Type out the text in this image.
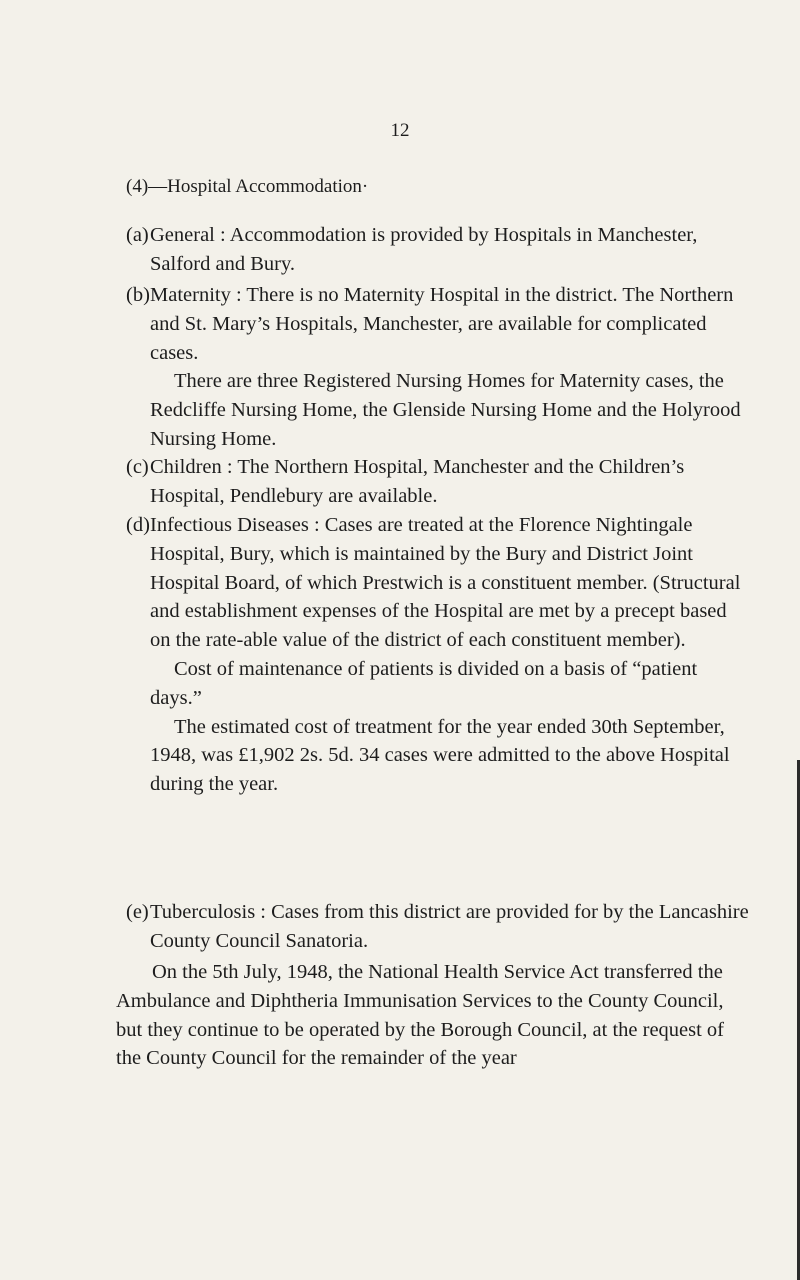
12
(4)—Hospital Accommodation·
(a) General : Accommodation is provided by Hospitals in Manchester, Salford and Bury.

(b) Maternity : There is no Maternity Hospital in the district. The Northern and St. Mary’s Hospitals, Manchester, are available for complicated cases.

There are three Registered Nursing Homes for Maternity cases, the Redcliffe Nursing Home, the Glenside Nursing Home and the Holyrood Nursing Home.

(c) Children : The Northern Hospital, Manchester and the Children’s Hospital, Pendlebury are available.

(d) Infectious Diseases : Cases are treated at the Florence Nightingale Hospital, Bury, which is maintained by the Bury and District Joint Hospital Board, of which Prestwich is a constituent member. (Structural and establishment expenses of the Hospital are met by a precept based on the rate-able value of the district of each constituent member).

Cost of maintenance of patients is divided on a basis of “patient days.”

The estimated cost of treatment for the year ended 30th September, 1948, was £1,902 2s. 5d. 34 cases were admitted to the above Hospital during the year.

(e) Tuberculosis : Cases from this district are provided for by the Lancashire County Council Sanatoria.

On the 5th July, 1948, the National Health Service Act transferred the Ambulance and Diphtheria Immunisation Services to the County Council, but they continue to be operated by the Borough Council, at the request of the County Council for the remainder of the year
